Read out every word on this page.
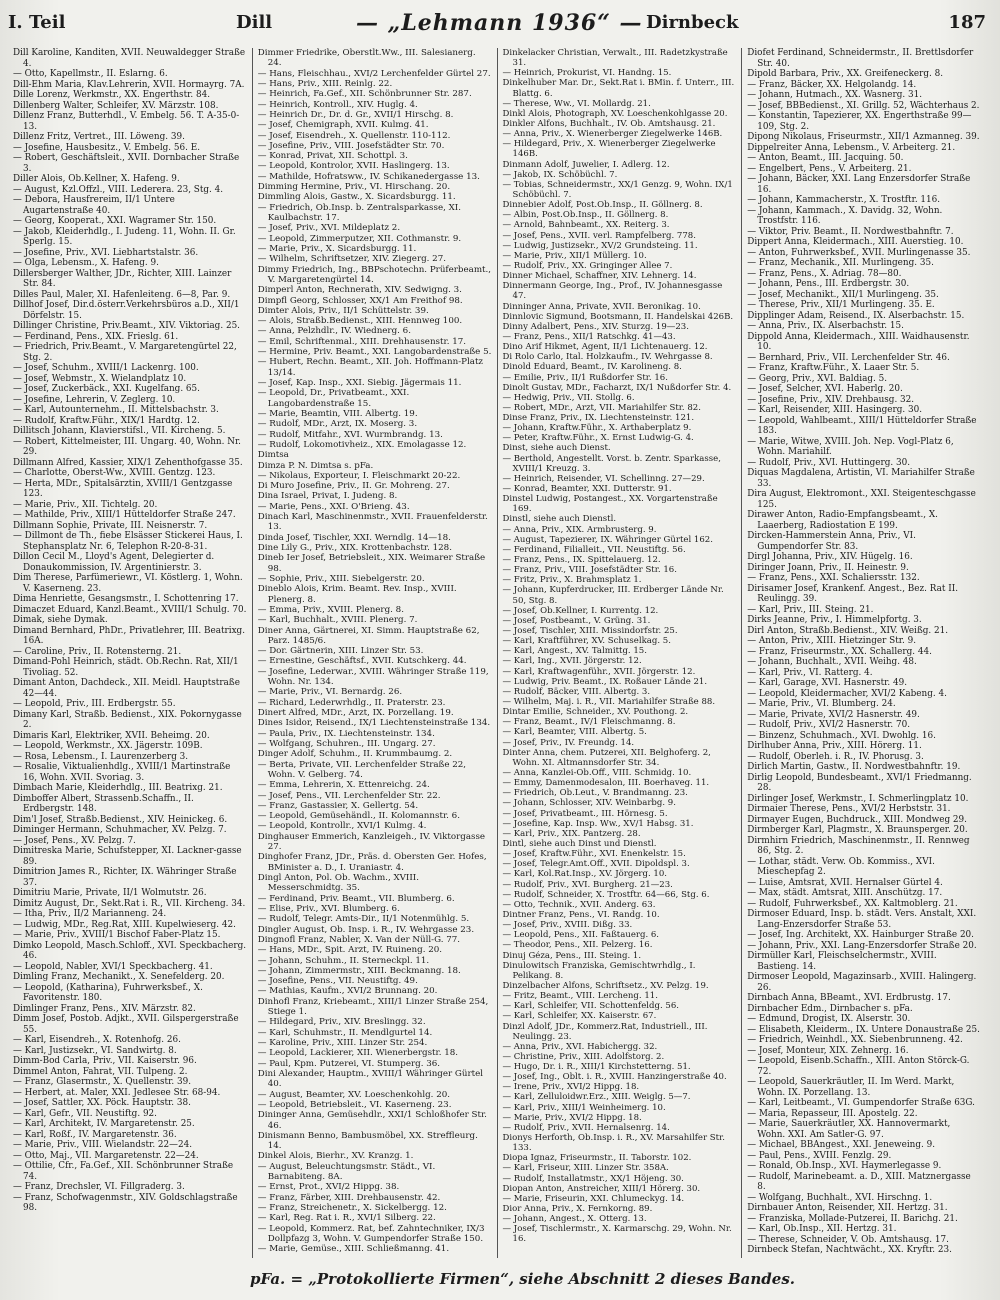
I. Teil	Dill	— „Lehmann 1936“ — Dirnbeck	187

Dill Karoline, Kanditen, XVII. Neuwaldegger Straße 4.

— Otto, Kapellmstr., II. Eslarng. 6.

Dill-Ehm Maria, Klav.Lehrerin, XVII. Hormayrg. 7A.

Dille Lorenz, Werkmstr., XX. Engerthstr. 84.

Dillenberg Walter, Schleifer, XV. Märzstr. 108.

Dillenz Franz, Butterhdl., V. Embelg. 56. T. A-35-0-13.

Dillenz Fritz, Vertret., III. Löweng. 39.

— Josefine, Hausbesitz., V. Embelg. 56. E.

— Robert, Geschäftsleit., XVII. Dornbacher Straße 3.

Diller Alois, Ob.Kellner, X. Hafeng. 9.

— August, Kzl.Offzl., VIII. Lederera. 23, Stg. 4.

— Debora, Hausfrereim, II/1 Untere Augartenstraße 40.

— Georg, Kooperat., XXI. Wagramer Str. 150.

— Jakob, Kleiderhdlg., I. Judeng. 11, Wohn. II. Gr. Sperlg. 15.

— Josefine, Priv., XVI. Liebhartstalstr. 36.

— Olga, Lebensm., X. Hafeng. 9.

Dillersberger Walther, JDr., Richter, XIII. Lainzer Str. 84.

Dilles Paul, Maler, XI. Hafenleiteng. 6—8, Par. 9.

Dillhof Josef, Dir.d.österr.Verkehrsbüros a.D., XII/1 Dörfelstr. 15.

Dillinger Christine, Priv.Beamt., XIV. Viktoriag. 25.

— Ferdinand, Pens., XIX. Frieslg. 61.

— Friedrich, Priv.Beamt., V. Margaretengürtel 22, Stg. 2.

— Josef, Schuhm., XVIII/1 Lackenrg. 100.

— Josef, Webmstr., X. Wielandplatz 10.

— Josef, Zuckerbäck., XXI. Kugelfang. 65.

— Josefine, Lehrerin, V. Zeglerg. 10.

— Karl, Autounternehm., II. Mittelsbachstr. 3.

— Rudolf, Kraftw.Führ., XIX/1 Hardtg. 12.

Dillitsch Johann, Klavierstifsl., VII. Kircheng. 5.

— Robert, Kittelmeister, III. Ungarg. 40, Wohn. Nr. 29.

Dillmann Alfred, Kassier, XIX/1 Zehenthofgasse 35.

— Charlotte, Oberst-Ww., XVIII. Gentzg. 123.

— Herta, MDr., Spitalsärztin, XVIII/1 Gentzgasse 123.

— Marie, Priv., XII. Tichtelg. 20.

— Mathilde, Priv., XIII/1 Hütteldorfer Straße 247.

Dillmann Sophie, Private, III. Neisnerstr. 7.

— Dillmont de Th., fiebe Elsässer Stickerei Haus, I. Stephansplatz Nr. 6, Telephon R-20-8-31.

Dillon Cecil M., Lloyd's Agent, Delegierter d. Donaukommission, IV. Argentinierstr. 3.

Dim Therese, Parfümeriewr., VI. Köstlerg. 1, Wohn. V. Kaserneng. 23.

Dima Henriette, Gesangsmstr., I. Schottenring 17.

Dimaczet Eduard, Kanzl.Beamt., XVIII/1 Schulg. 70.

Dimak, siehe Dymak.

Dimand Bernhard, PhDr., Privatlehrer, III. Beatrixg. 16A.

— Caroline, Priv., II. Rotensterng. 21.

Dimand-Pohl Heinrich, städt. Ob.Rechn. Rat, XII/1 Tivoliag. 52.

Dimant Anton, Dachdeck., XII. Meidl. Hauptstraße 42—44.

— Leopold, Priv., III. Erdbergstr. 55.

Dimany Karl, Straßb. Bedienst., XIX. Pokornygasse 2.

Dimaris Karl, Elektriker, XVII. Beheimg. 20.

— Leopold, Werkmstr., XX. Jägerstr. 109B.

— Rosa, Lebensm., I. Laurenzerberg 3.

— Rosalie, Viktualienhdlg., XVIII/1 Martinstraße 16, Wohn. XVII. Svoriag. 3.

Dimbach Marie, Kleiderhdlg., III. Beatrixg. 21.

Dimboffer Albert, Strassenb.Schaffn., II. Erdbergstr. 148.

Dim'l Josef, Straßb.Bedienst., XIV. Heinickeg. 6.

Diminger Hermann, Schuhmacher, XV. Pelzg. 7.

— Josef, Pens., XV. Pelzg. 7.

Dimitreska Marie, Schufstepper, XI. Lackner-gasse 89.

Dimitrion James R., Richter, IX. Währinger Straße 37.

Dimitriu Marie, Private, II/1 Wolmutstr. 26.

Dimitz August, Dr., Sekt.Rat i. R., VII. Kircheng. 34.

— Itha, Priv., II/2 Marianneng. 24.

— Ludwig, MDr., Reg.Rat, XIII. Kupelwieserg. 42.

— Marie, Priv., XVIII/1 Bischof Faber-Platz 15.

Dimko Leopold, Masch.Schloff., XVI. Speckbacherg. 46.

— Leopold, Nabler, XVI/1 Speckbacherg. 41.

Dimling Franz, Mechanikt., X. Senefelderg. 20.

— Leopold, (Katharina), Fuhrwerksbef., X. Favoritenstr. 180.

Dimlinger Franz, Pens., XIV. Märzstr. 82.

Dimm Josef, Postob. Adjkt., XVII. Gilspergerstraße 55.

— Karl, Eisendreh., X. Rotenhofg. 26.

— Karl, Justizsekr., VI. Sandwirtg. 8.

Dimm-Bod Carla, Priv., VII. Kaiserstr. 96.

Dimmel Anton, Fahrat, VII. Tulpeng. 2.

— Franz, Glasermstr., X. Quellenstr. 39.

— Herbert, at. Maler, XXI. Jedlesee Str. 68-94.

— Josef, Sattler, XX. Pöck. Hauptstr. 38.

— Karl, Gefr., VII. Neustiftg. 92.

— Karl, Architekt, IV. Margaretenstr. 25.

— Karl, Roßf., IV. Margaretenstr. 36.

— Marie, Priv., VIII. Wielandstr. 22—24.

— Otto, Maj., VII. Margaretenstr. 22—24.

— Ottilie, Cfr., Fa.Gef., XII. Schönbrunner Straße 74.

— Franz, Drechsler, VI. Fillgraderg. 3.

— Franz, Schofwagenmstr., XIV. Goldschlagstraße 98.

Dimmer Friedrike, Oberstlt.Ww., III. Salesianerg. 24.

— Hans, Fleischhau., XVI/2 Lerchenfelder Gürtel 27.

— Hans, Priv., XIII. Reinlg. 22.

— Heinrich, Fa.Gef., XII. Schönbrunner Str. 287.

— Heinrich, Kontroll., XIV. Huglg. 4.

— Heinrich Dr., Dr. d. Gr., XVII/1 Hirschg. 8.

— Josef, Chemigraph, XVII. Kulmg. 41.

— Josef, Eisendreh., X. Quellenstr. 110-112.

— Josefine, Priv., VIII. Josefstädter Str. 70.

— Konrad, Privat, XII. Schottpl. 3.

— Leopold, Kontrolor, XVII. Haslingerg. 13.

— Mathilde, Hofratsww., IV. Schikanedergasse 13.

Dimming Hermine, Priv., VI. Hirschang. 20.

Dimmling Alois, Gastw., X. Sicardsburgg. 11.

— Friedrich, Ob.Insp. b. Zentralsparkasse, XI. Kaulbachstr. 17.

— Josef, Priv., XVI. Mildeplatz 2.

— Leopold, Zimmerputzer, XII. Cothmanstr. 9.

— Marie, Priv., X. Sicardsburgg. 11.

— Wilhelm, Schriftsetzer, XIV. Ziegerg. 27.

Dimmy Friedrich, Ing., BBPschotechn. Prüferbeamt., V. Margaretengürtel 14.

Dimperl Anton, Rechnerath, XIV. Sedwigng. 3.

Dimpfl Georg, Schlosser, XX/1 Am Freithof 98.

Dimter Alois, Priv., II/1 Schüttelstr. 39.

— Alois, Straßb.Bedienst., XIII. Hennweg 100.

— Anna, Pelzhdlr., IV. Wiednerg. 6.

— Emil, Schriftenmal., XIII. Drehhausenstr. 17.

— Hermine, Priv. Beamt., XXI. Langobardenstraße 5.

— Hubert, Rechn. Beamt., XII. Joh. Hoffmann-Platz 13/14.

— Josef, Kap. Insp., XXI. Siebig. Jägermais 11.

— Leopold, Dr., Privatbeamt., XXI. Langobardenstraße 15.

— Marie, Beamtin, VIII. Albertg. 19.

— Rudolf, MDr., Arzt, IX. Moserg. 3.

— Rudolf, Mitfahr., XVI. Wurmbrandg. 13.

— Rudolf, Lokomotivheiz., XIX. Emolagasse 12.

Dimtsa

Dimza P. N. Dimtsa s. pFa.

— Nikolaus, Exporteur, I. Fleischmarkt 20-22.

Di Muro Josefine, Priv., II. Gr. Mohreng. 27.

Dina Israel, Privat, I. Judeng. 8.

— Marie, Pens., XXI. O'Brieng. 43.

Dinach Karl, Maschinenmstr., XVII. Frauenfelderstr. 13.

Dinda Josef, Tischler, XXI. Werndlg. 14—18.

Dine Lily G., Priv., XIX. Krottenbachstr. 128.

Dineb Ier Josef, Betriebsleit., XIX. Weimarer Straße 98.

— Sophie, Priv., XIII. Siebelgerstr. 20.

Dineblo Alois, Krim. Beamt. Rev. Insp., XVIII. Plenerg. 8.

— Emma, Priv., XVIII. Plenerg. 8.

— Karl, Buchhalt., XVIII. Plenerg. 7.

Diner Anna, Gärtnerei, XI. Simm. Hauptstraße 62, Parz. 1485/6.

— Dor. Gärtnerin, XIII. Linzer Str. 53.

— Ernestine, Geschäftsf., XVII. Kutschkerg. 44.

— Josefine, Lederwar., XVIII. Währinger Straße 119, Wohn. Nr. 134.

— Marie, Priv., VI. Bernardg. 26.

— Richard, Lederwrhdlg., II. Praterstr. 23.

Dinert Alfred, MDr., Arzt, IX. Porzellang. 19.

Dines Isidor, Reisend., IX/1 Liechtensteinstraße 134.

— Paula, Priv., IX. Liechtensteinstr. 134.

— Wolfgang, Schuhren., III. Ungarg. 27.

Dinger Adolf, Schuhm., II. Krummbaumg. 2.

— Berta, Private, VII. Lerchenfelder Straße 22, Wohn. V. Gelberg. 74.

— Emma, Lehrerin, X. Ettenreichg. 24.

— Josef, Pens., VII. Lerchenfelder Str. 22.

— Franz, Gastassier, X. Gellertg. 54.

— Leopold, Gemüsehändl., II. Kolomannstr. 6.

— Leopold, Kontrollr., XVI/1 Kulmg. 4.

Dinghauser Emmerich, Kanzleigeh., IV. Viktorgasse 27.

Dinghofer Franz, JDr., Präs. d. Obersten Ger. Hofes, BMinister a. D., I. Uraniastr. 4.

Dingl Anton, Pol. Ob. Wachm., XVIII. Messerschmidtg. 35.

— Ferdinand, Priv. Beamt., VII. Blumberg. 6.

— Elise, Priv., XVI. Blumberg. 6.

— Rudolf, Telegr. Amts-Dir., II/1 Notenmühlg. 5.

Dingler August, Ob. Insp. i. R., IV. Wehrgasse 23.

Dingnofl Franz, Nabler, X. Van der Nüll-G. 77.

— Hans, MDr., Spit. Arzt, IV. Ruineng. 20.

— Johann, Schuhm., II. Sterneckpl. 11.

— Johann, Zimmermstr., XIII. Beckmanng. 18.

— Josefine, Pens., VII. Neustiftg. 49.

— Mathias, Kaufm., XVI/2 Brunnang. 20.

Dinhofl Franz, Kriebeamt., XIII/1 Linzer Straße 254, Stiege 1.

— Hildegard, Priv., XIV. Breslingg. 32.

— Karl, Schuhmstr., II. Mendlgurtel 14.

— Karoline, Priv., XIII. Linzer Str. 254.

— Leopold, Lackierer, XII. Wienerbergstr. 18.

— Paul, Kpm. Putzerei, VI. Stumperg. 36.

Dini Alexander, Hauptm., XVIII/1 Währinger Gürtel 40.

— August, Beamter, XV. Loeschenkohlg. 20.

— Leopold, Betriebsleit., VI. Kaserneng. 23.

Dininger Anna, Gemüsehdlr., XXI/1 Schloßhofer Str. 46.

Dinismann Benno, Bambusmöbel, XX. Streffleurg. 14.

Dinkel Alois, Bierhr., XV. Kranzg. 1.

— August, Beleuchtungsmstr. Städt., VI. Barnabiteng. 8A.

— Ernst, Prot., XVI/2 Hippg. 38.

— Franz, Färber, XIII. Drehbausenstr. 42.

— Franz, Streichenetr., X. Sickelbergg. 12.

— Karl, Reg. Rat i. R., XVI/1 Silberg. 22.

— Leopold, Kommerz. Rat, bef. Zahntechniker, IX/3 Dollpfazg 3, Wohn. V. Gumpendorfer Straße 150.

— Marie, Gemüse., XIII. Schließmanng. 41.

Dinkelacker Christian, Verwalt., III. Radetzkystraße 31.

— Heinrich, Prokurist, VI. Handng. 15.

Dinkelhuber Mar. Dr., Sekt.Rat i. BMin. f. Unterr., III. Blattg. 6.

— Therese, Ww., VI. Mollardg. 21.

Dinkl Alois, Photograph, XV. Loeschenkohlgasse 20.

Dinkler Alfons, Buchhalt., IV. Ob. Amtshausg. 21.

— Anna, Priv., X. Wienerberger Ziegelwerke 146B.

— Hildegard, Priv., X. Wienerberger Ziegelwerke 146B.

Dinmann Adolf, Juwelier, I. Adlerg. 12.

— Jakob, IX. Schöbüchl. 7.

— Tobias, Schneidermstr., XX/1 Genzg. 9, Wohn. IX/1 Schöbüchl. 7.

Dinnebier Adolf, Post.Ob.Insp., II. Göllnerg. 8.

— Albin, Post.Ob.Insp., II. Göllnerg. 8.

— Arnold, Bahnbeamt., XX. Reiterg. 3.

— Josef, Pens., XVII. verl. Rampfelberg. 778.

— Ludwig, Justizsekr., XV/2 Grundsteing. 11.

— Marie, Priv., XII/1 Müllerg. 10.

— Rudolf, Priv., XX. Gringinger Allee 7.

Dinner Michael, Schaffner, XIV. Lehnerg. 14.

Dinnermann George, Ing., Prof., IV. Johannesgasse 47.

Dinninger Anna, Private, XVII. Beronikag. 10.

Dinnlovic Sigmund, Bootsmann, II. Handelskai 426B.

Dinny Adalbert, Pens., XIV. Sturzg. 19—23.

— Franz, Pens., XII/1 Ratschkg. 41—43.

Dino Arif Hikmet, Agent, II/1 Lichtenauerg. 12.

Di Rolo Carlo, Ital. Holzkaufm., IV. Wehrgasse 8.

Dinold Eduard, Beamt., IV. Karolineng. 8.

— Emilie, Priv., II/1 Rußdorfer Str. 16.

Dinolt Gustav, MDr., Facharzt, IX/1 Nußdorfer Str. 4.

— Hedwig, Priv., VII. Stollg. 6.

— Robert, MDr., Arzt, VII. Mariahilfer Str. 82.

Dinse Franz, Priv., IX. Liechtensteinstr. 121.

— Johann, Kraftw.Führ., X. Arthaberplatz 9.

— Peter, Kraftw.Führ., X. Ernst Ludwig-G. 4.

Dinst, siehe auch Dienst.

— Berthold, Angestellt. Vorst. b. Zentr. Sparkasse, XVIII/1 Kreuzg. 3.

— Heinrich, Reisender, VI. Schellinng. 27—29.

— Konrad, Beamter, XXI. Dutterstr. 91.

Dinstel Ludwig, Postangest., XX. Vorgartenstraße 169.

Dinstl, siehe auch Dienstl.

— Anna, Priv., XIX. Armbrusterg. 9.

— August, Tapezierer, IX. Währinger Gürtel 162.

— Ferdinand, Filialleit., VII. Neustiftg. 56.

— Franz, Pens., IX. Spittelauerg. 12.

— Franz, Priv., VIII. Josefstädter Str. 16.

— Fritz, Priv., X. Brahmsplatz 1.

— Johann, Kupferdrucker, III. Erdberger Lände Nr. 50, Stg. 8.

— Josef, Ob.Kellner, I. Kurrentg. 12.

— Josef, Postbeamt., V. Grüng. 31.

— Josef, Tischler, XIII. Missindorfstr. 25.

— Karl, Kraftführer, XV. Schuselkag. 5.

— Karl, Angest., XV. Talmittg. 15.

— Karl, Ing., XVII. Jörgerstr. 12.

— Karl, Kraftwagenführ., XVII. Jörgerstr. 12.

— Ludwig, Priv. Beamt., IX. Roßauer Lände 21.

— Rudolf, Bäcker, VIII. Albertg. 3.

— Wilhelm, Maj. i. R., VII. Mariahilfer Straße 88.

Dintar Emilie, Schneider., XV. Pouthong. 2.

— Franz, Beamt., IV/1 Fleischmanng. 8.

— Karl, Beamter, VIII. Albertg. 5.

— Josef, Priv., IV. Freundg. 14.

Dinter Anna, chem. Putzerei, XII. Belghoferg. 2, Wohn. XI. Altmannsdorfer Str. 34.

— Anna, Kanzlei-Ob.Off., VIII. Schmidg. 10.

— Emmy, Damenmodesalon, III. Boerhaveg. 11.

— Friedrich, Ob.Leut., V. Brandmanng. 23.

— Johann, Schlosser, XIV. Weinbarbg. 9.

— Josef, Privatbeamt., III. Hörnesg. 5.

— Josefine, Kap. Insp. Ww., XV/1 Habsg. 31.

— Karl, Priv., XIX. Pantzerg. 28.

Dintl, siehe auch Dinst und Dienstl.

— Josef, Kraftw.Führ., XVI. Enenkelstr. 15.

— Josef, Telegr.Amt.Off., XVII. Dipoldspl. 3.

— Karl, Kol.Rat.Insp., XV. Jörgerg. 10.

— Rudolf, Priv., XVI. Burgherg. 21—23.

— Rudolf, Schneider, X. Trostftr. 64—66, Stg. 6.

— Otto, Technik., XVII. Anderg. 63.

Dintner Franz, Pens., VI. Randg. 10.

— Josef, Priv., XVIII. Dißg. 33.

— Leopold, Pens., XII. Faßtauerg. 6.

— Theodor, Pens., XII. Pelzerg. 16.

Dinuj Géza, Pens., III. Steing. 1.

Dinulowitsch Franziska, Gemischtwrhdlg., I. Pelikang. 8.

Dinzelbacher Alfons, Schriftsetz., XV. Pelzg. 19.

— Fritz, Beamt., VIII. Lercheng. 11.

— Karl, Schleifer, VII. Schottenfeldg. 56.

— Karl, Schleifer, XX. Kaiserstr. 67.

Dinzl Adolf, JDr., Kommerz.Rat, Industriell., III. Neulingg. 23.

— Anna, Priv., XVI. Habichergg. 32.

— Christine, Priv., XIII. Adolfstorg. 2.

— Hugo, Dr. i. R., XIII/1 Kirchstetterng. 51.

— Josef, Ing., Oblt. i. R., XVIII. Hanzingerstraße 40.

— Irene, Priv., XVI/2 Hippg. 18.

— Karl, Zelluloidwr.Erz., XIII. Weiglg. 5—7.

— Karl, Priv., XIII/1 Weinheimerg. 10.

— Marie, Priv., XVI/2 Hippg. 18.

— Rudolf, Priv., XVII. Hernalsenrg. 14.

Dionys Herforth, Ob.Insp. i. R., XV. Marsahilfer Str. 133.

Diopa Ignaz, Friseurmstr., II. Taborstr. 102.

— Karl, Friseur, XIII. Linzer Str. 358A.

— Rudolf, Installatmstr., XX/1 Höjeng. 30.

Diopan Anton, Anstreicher, XIII/1 Hörerg. 30.

— Marie, Friseurin, XXI. Chlumeckyg. 14.

Dior Anna, Priv., X. Fernkorng. 89.

— Johann, Angest., X. Otterg. 13.

— Josef, Tischlermstr., X. Karmarschg. 29, Wohn. Nr. 16.

Diofet Ferdinand, Schneidermstr., II. Brettlsdorfer Str. 40.

Dipold Barbara, Priv., XX. Greifeneckerg. 8.

— Franz, Bäcker, XX. Helgolandg. 14.

— Johann, Hutmach., XX. Wasnerg. 31.

— Josef, BBBedienst., XI. Grillg. 52, Wächterhaus 2.

— Konstantin, Tapezierer, XX. Engerthstraße 99—109, Stg. 2.

Dipong Nikolaus, Friseurmstr., XII/1 Azmanneg. 39.

Dippelreiter Anna, Lebensm., V. Arbeiterg. 21.

— Anton, Beamt., III. Jacquing. 50.

— Engelbert, Pens., V. Arbeiterg. 21.

— Johann, Bäcker, XXI. Lang Enzersdorfer Straße 16.

— Johann, Kammacherstr., X. Trostftr. 116.

— Johann, Kammach., X. Davidg. 32, Wohn. Trostfstr. 116.

— Viktor, Priv. Beamt., II. Nordwestbahnftr. 7.

Dippert Anna, Kleidermach., XIII. Auerstieg. 10.

— Anton, Fuhrwerksbef., XVII. Murlingenasse 35.

— Franz, Mechanik., XII. Murlingeng. 35.

— Franz, Pens., X. Adriag. 78—80.

— Johann, Pens., III. Erdbergstr. 30.

— Josef, Mechanikt., XII/1 Murlingeng. 35.

— Therese, Priv., XII/1 Murlingeng. 35. E.

Dipplinger Adam, Reisend., IX. Alserbachstr. 15.

— Anna, Priv., IX. Alserbachstr. 15.

Dippold Anna, Kleidermach., XIII. Waidhausenstr. 10.

— Bernhard, Priv., VII. Lerchenfelder Str. 46.

— Franz, Kraftw.Führ., X. Laaer Str. 5.

— Georg, Priv., XVI. Baldiag. 5.

— Josef, Selcher, XVI. Haberlg. 20.

— Josefine, Priv., XIV. Drehbausg. 32.

— Karl, Reisender, XIII. Hasingerg. 30.

— Leopold, Wahlbeamt., XIII/1 Hütteldorfer Straße 183.

— Marie, Witwe, XVIII. Joh. Nep. Vogl-Platz 6, Wohn. Mariahilf.

— Rudolf, Priv., XVI. Huttingerg. 30.

Diquas Magdalena, Artistin, VI. Mariahilfer Straße 33.

Dira August, Elektromont., XXI. Steigenteschgasse 125.

Dirawer Anton, Radio-Empfangsbeamt., X. Laaerberg, Radiostation E 199.

Dircken-Hammerstein Anna, Priv., VI. Gumpendorfer Str. 83.

Dirgl Johanna, Priv., XIV. Hügelg. 16.

Diringer Joann, Priv., II. Heinestr. 9.

— Franz, Pens., XXI. Schaliersstr. 132.

Dirisamer Josef, Krankenf. Angest., Bez. Rat II. Reulingg. 39.

— Karl, Priv., III. Steing. 21.

Dirks Jeanne, Priv., I. Himmelpfortg. 3.

Dirl Anton, Straßb.Bedienst., XIV. Weißg. 21.

— Anton, Priv., XIII. Hietzinger Str. 9.

— Franz, Friseurmstr., XX. Schallerg. 44.

— Johann, Buchhalt., XVII. Weihg. 48.

— Karl, Priv., VI. Ratterg. 4.

— Karl, Garage, XVI. Hasnerstr. 49.

— Leopold, Kleidermacher, XVI/2 Kabeng. 4.

— Marie, Priv., VI. Blumberg. 24.

— Marie, Private, XVI/2 Hasnerstr. 49.

— Rudolf, Priv., XVI/2 Hasnerstr. 70.

— Binzenz, Schuhmach., XVI. Dwohlg. 16.

Dirlhuber Anna, Priv., XIII. Hörerg. 11.

— Rudolf, Oberleh. i. R., IV. Phorusg. 3.

Dirlich Martin, Gastw., II. Nordwestbahnftr. 19.

Dirlig Leopold, Bundesbeamt., XVI/1 Friedmanng. 28.

Dirlinger Josef, Werkmstr., I. Schmerlingplatz 10.

Dirmaier Therese, Pens., XVI/2 Herbststr. 31.

Dirmayer Eugen, Buchdruck., XIII. Mondweg 29.

Dirmberger Karl, Plagmstr., X. Braunsperger. 20.

Dirmhirn Friedrich, Maschinenmstr., II. Rennweg 86, Stg. 2.

— Lothar, städt. Verw. Ob. Kommiss., XVI. Mieschepfag 2.

— Luise, Amtsrat, XVII. Hernalser Gürtel 4.

— Max, städt. Amtsrat, XIII. Anschützg. 17.

— Rudolf, Fuhrwerksbef., XX. Kaltmoblerg. 21.

Dirmoser Eduard, Insp. b. städt. Vers. Anstalt, XXI. Lang-Enzersdorfer Straße 53.

— Josef, Ing. Architekt, XX. Hainburger Straße 20.

— Johann, Priv., XXI. Lang-Enzersdorfer Straße 20.

Dirmüller Karl, Fleischselchermstr., XVIII. Bastieng. 14.

Dirmoser Leopold, Magazinsarb., XVIII. Halingerg. 26.

Dirnbach Anna, BBeamt., XVI. Erdbrustg. 17.

Dirnbacher Edm., Dirnbacher s. pFa.

— Edmund, Drogist, IX. Alserstr. 30.

— Elisabeth, Kleiderm., IX. Untere Donaustraße 25.

— Friedrich, Weinhdl., XX. Siebenbrunneng. 42.

— Josef, Monteur, XIX. Zehnerg. 16.

— Leopold, Eisenb.Schaffn., XIII. Anton Störck-G. 72.

— Leopold, Sauerkräutler, II. Im Werd. Markt, Wohn. IX. Porzellang. 13.

— Karl, Leitbeamt., VI. Gumpendorfer Straße 63G.

— Maria, Repasseur, III. Apostelg. 22.

— Marie, Sauerkräutler, XX. Hannovermarkt, Wohn. XXI. Am Satler-G. 97.

— Michael, BBAngest., XXI. Jeneweing. 9.

— Paul, Pens., XVIII. Fenzlg. 29.

— Ronald, Ob.Insp., XVI. Haymerlegasse 9.

— Rudolf, Marinebeamt. a. D., XIII. Matznergasse 8.

— Wolfgang, Buchhalt., XVI. Hirschng. 1.

Dirnbauer Anton, Reisender, XII. Hertzg. 31.

— Franziska, Mollade-Putzerei, II. Barichg. 21.

— Karl, Ob.Insp., XII. Hertzg. 31.

— Therese, Schneider, V. Ob. Amtshausg. 17.

Dirnbeck Stefan, Nachtwächt., XX. Kryftr. 23.

pFa. = „Protokollierte Firmen“, siehe Abschnitt 2 dieses Bandes.
